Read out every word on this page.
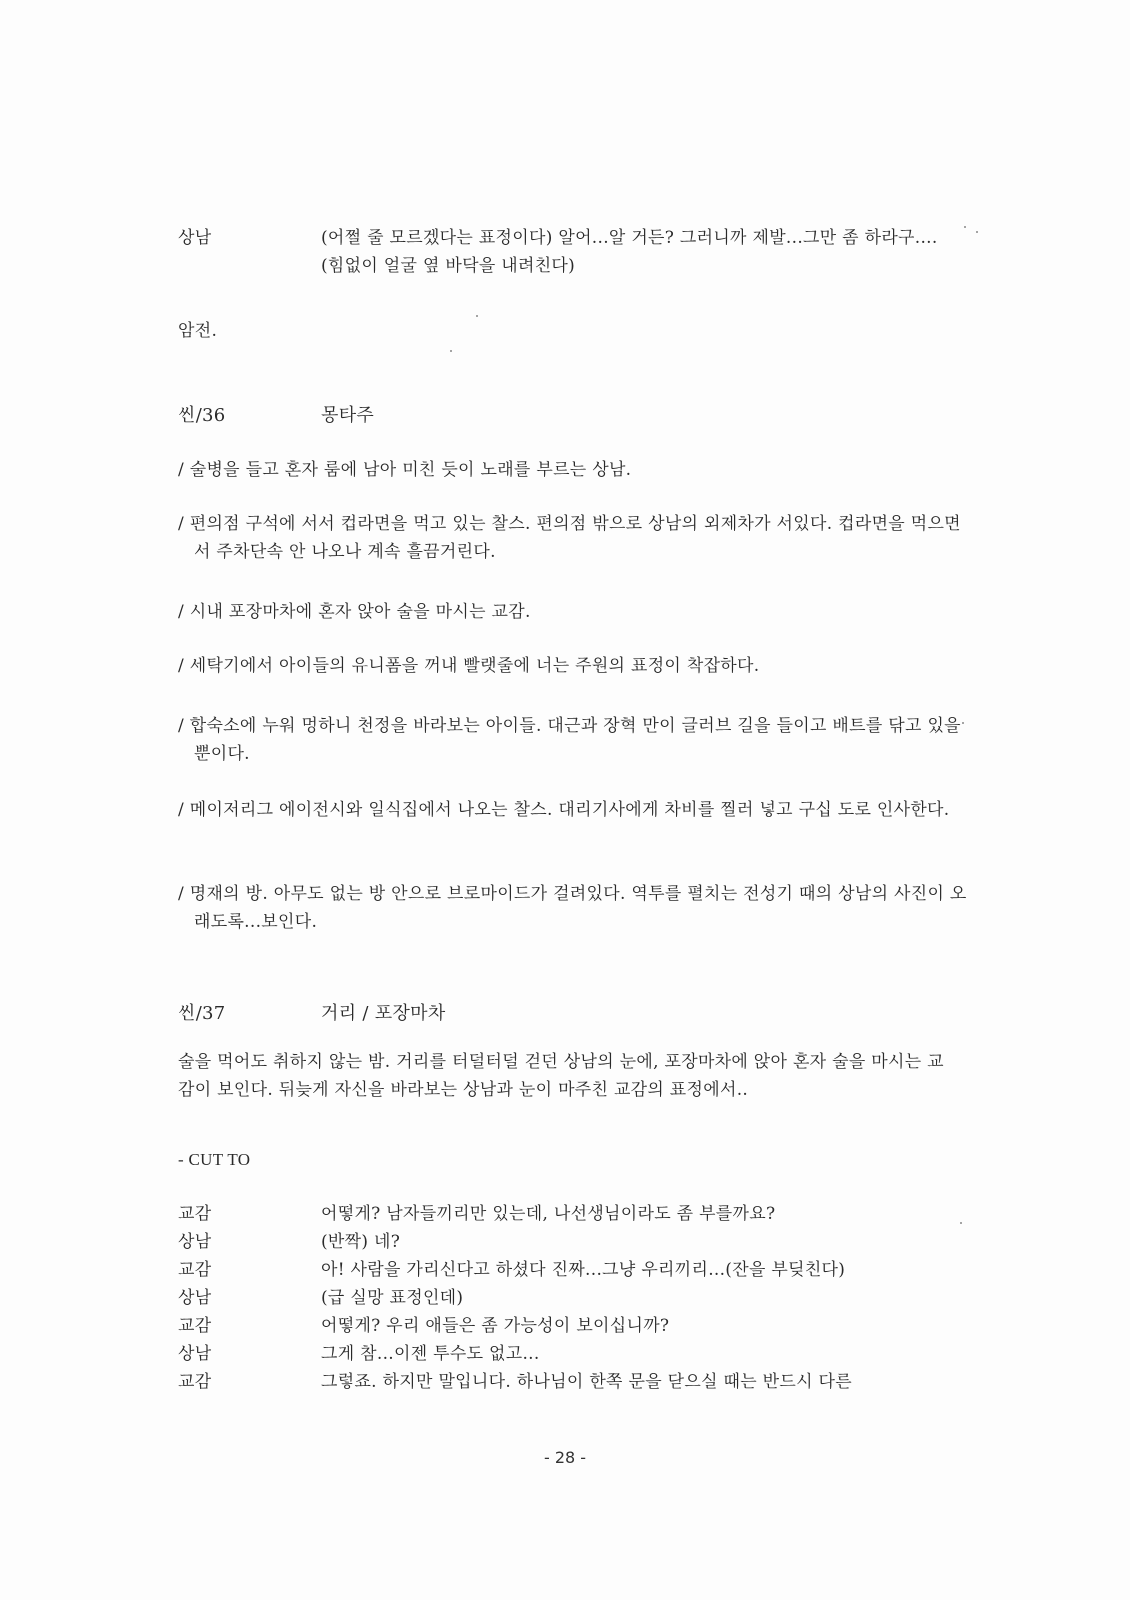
상남	(어쩔 줄 모르겠다는 표정이다) 알어...알 거든? 그러니까 제발...그만 좀 하라구....(힘없이 얼굴 옆 바닥을 내려친다)
암전.
씬/36	몽타주
/ 술병을 들고 혼자 룸에 남아 미친 듯이 노래를 부르는 상남.
/ 편의점 구석에 서서 컵라면을 먹고 있는 찰스. 편의점 밖으로 상남의 외제차가 서있다. 컵라면을 먹으면서 주차단속 안 나오나 계속 흘끔거린다.
/ 시내 포장마차에 혼자 앉아 술을 마시는 교감.
/ 세탁기에서 아이들의 유니폼을 꺼내 빨랫줄에 너는 주원의 표정이 착잡하다.
/ 합숙소에 누워 멍하니 천정을 바라보는 아이들. 대근과 장혁 만이 글러브 길을 들이고 배트를 닦고 있을 뿐이다.
/ 메이저리그 에이전시와 일식집에서 나오는 찰스. 대리기사에게 차비를 찔러 넣고 구십 도로 인사한다.
/ 명재의 방. 아무도 없는 방 안으로 브로마이드가 걸려있다. 역투를 펼치는 전성기 때의 상남의 사진이 오래도록...보인다.
씬/37	거리 / 포장마차
술을 먹어도 취하지 않는 밤. 거리를 터덜터덜 걷던 상남의 눈에, 포장마차에 앉아 혼자 술을 마시는 교감이 보인다. 뒤늦게 자신을 바라보는 상남과 눈이 마주친 교감의 표정에서..
- CUT TO
교감	어떻게? 남자들끼리만 있는데, 나선생님이라도 좀 부를까요?
상남	(반짝) 네?
교감	아! 사람을 가리신다고 하셨다 진짜...그냥 우리끼리...(잔을 부딪친다)
상남	(급 실망 표정인데)
교감	어떻게? 우리 애들은 좀 가능성이 보이십니까?
상남	그게 참...이젠 투수도 없고...
교감	그렇죠. 하지만 말입니다. 하나님이 한쪽 문을 닫으실 때는 반드시 다른
- 28 -
